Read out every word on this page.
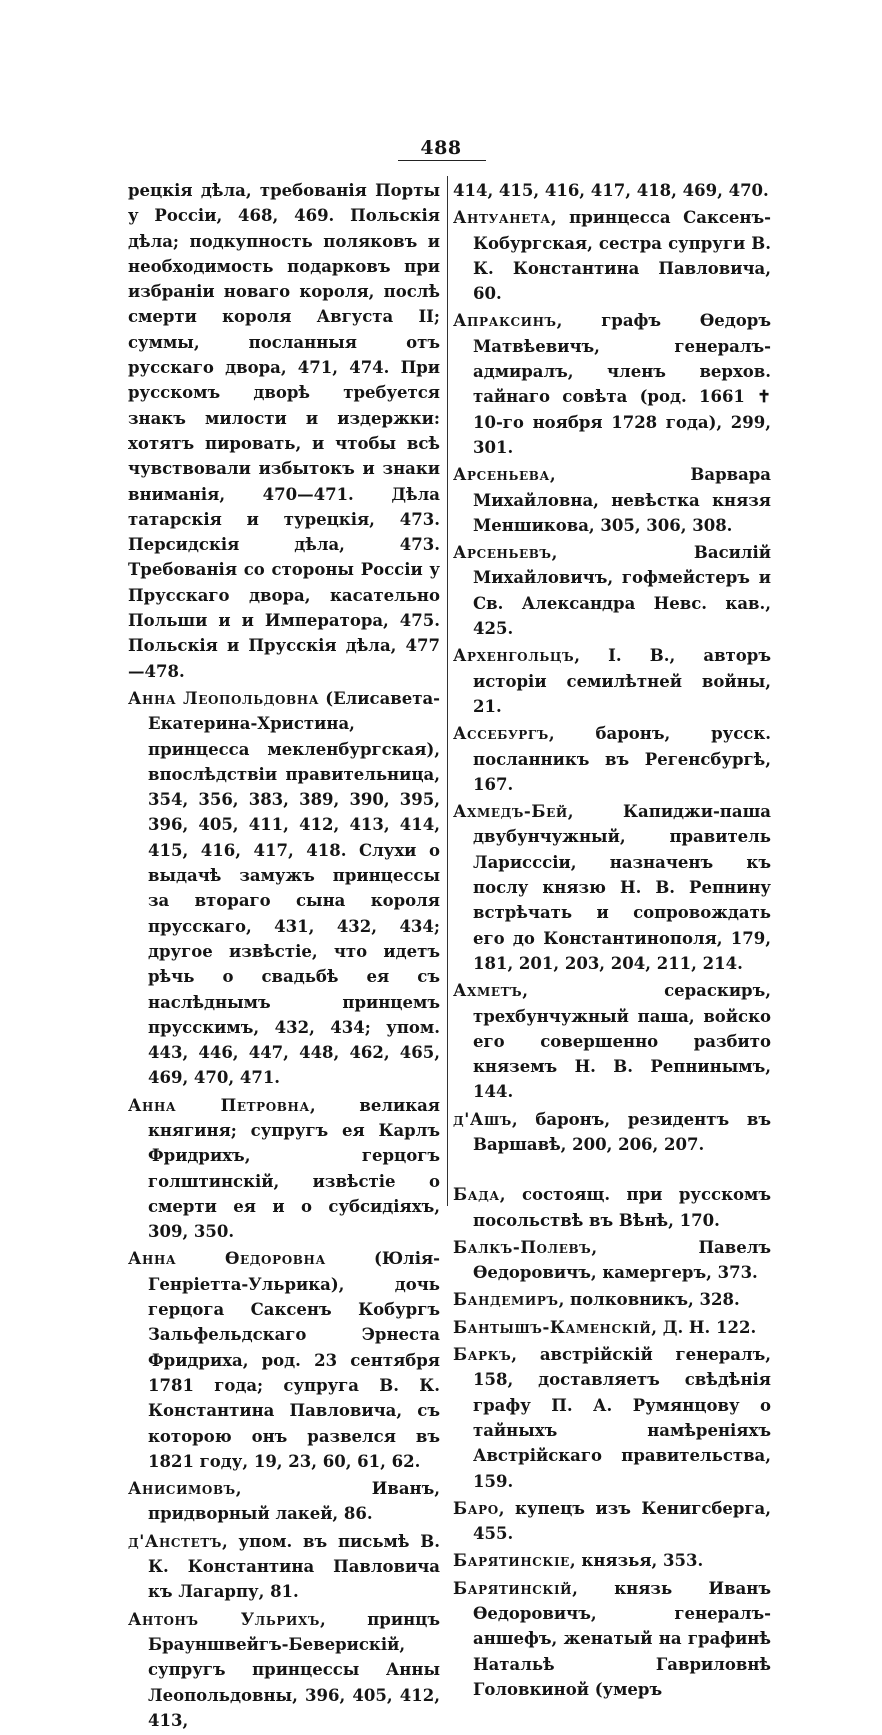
488
рецкія дѣла, требованія Порты у Россіи, 468, 469. Польскія дѣла; подкупность поляковъ и необходимость подарковъ при избраніи новаго короля, послѣ смерти короля Августа II; суммы, посланныя отъ русскаго двора, 471, 474. При русскомъ дворѣ требуется знакъ милости и издержки: хотятъ пировать, и чтобы всѣ чувствовали избытокъ и знаки вниманія, 470—471. Дѣла татарскія и турецкія, 473. Персидскія дѣла, 473. Требованія со стороны Россіи у Прусскаго двора, касательно Польши и и Императора, 475. Польскія и Прусскія дѣла, 477—478.
Анна Леопольдовна (Елисавета-Екатерина-Христина, принцесса мекленбургская), впослѣдствіи правительница, 354, 356, 383, 389, 390, 395, 396, 405, 411, 412, 413, 414, 415, 416, 417, 418. Слухи о выдачѣ замужъ принцессы за втораго сына короля прусскаго, 431, 432, 434; другое извѣстіе, что идетъ рѣчь о свадьбѣ ея съ наслѣднымъ принцемъ прусскимъ, 432, 434; упом. 443, 446, 447, 448, 462, 465, 469, 470, 471.
Анна Петровна, великая княгиня; супругъ ея Карлъ Фридрихъ, герцогъ голштинскій, извѣстіе о смерти ея и о субсидіяхъ, 309, 350.
Анна Ѳедоровна (Юлія-Генріетта-Ульрика), дочь герцога Саксенъ Кобургъ Зальфельдскаго Эрнеста Фридриха, род. 23 сентября 1781 года; супруга В. К. Константина Павловича, съ которою онъ развелся въ 1821 году, 19, 23, 60, 61, 62.
Анисимовъ, Иванъ, придворный лакей, 86.
д'Анстетъ, упом. въ письмѣ В. К. Константина Павловича къ Лагарпу, 81.
Антонъ Ульрихъ, принцъ Брауншвейгъ-Беверискій, супругъ принцессы Анны Леопольдовны, 396, 405, 412, 413,
414, 415, 416, 417, 418, 469, 470.
Антуанета, принцесса Саксенъ-Кобургская, сестра супруги В. К. Константина Павловича, 60.
Апраксинъ, графъ Ѳедоръ Матвѣевичъ, генералъ-адмиралъ, членъ верхов. тайнаго совѣта (род. 1661 ✝ 10-го ноября 1728 года), 299, 301.
Арсеньева, Варвара Михайловна, невѣстка князя Меншикова, 305, 306, 308.
Арсеньевъ, Василій Михайловичъ, гофмейстеръ и Св. Александра Невс. кав., 425.
Архенгольцъ, I. В., авторъ исторіи семилѣтней войны, 21.
Ассебургъ, баронъ, русск. посланникъ въ Регенсбургѣ, 167.
Ахмедъ-Бей, Капиджи-паша двубунчужный, правитель Ларисссіи, назначенъ къ послу князю Н. В. Репнину встрѣчать и сопровождать его до Константинополя, 179, 181, 201, 203, 204, 211, 214.
Ахметъ, сераскиръ, трехбунчужный паша, войско его совершенно разбито княземъ Н. В. Репнинымъ, 144.
д'Ашъ, баронъ, резидентъ въ Варшавѣ, 200, 206, 207.
Бада, состоящ. при русскомъ посольствѣ въ Вѣнѣ, 170.
Балкъ-Полевъ, Павелъ Ѳедоровичъ, камергеръ, 373.
Бандемиръ, полковникъ, 328.
Бантышъ-Каменскій, Д. Н. 122.
Баркъ, австрійскій генералъ, 158, доставляетъ свѣдѣнія графу П. А. Румянцову о тайныхъ намѣреніяхъ Австрійскаго правительства, 159.
Баро, купецъ изъ Кенигсберга, 455.
Барятинскіе, князья, 353.
Барятинскій, князь Иванъ Ѳедоровичъ, генералъ-аншефъ, женатый на графинѣ Натальѣ Гавриловнѣ Головкиной (умеръ
